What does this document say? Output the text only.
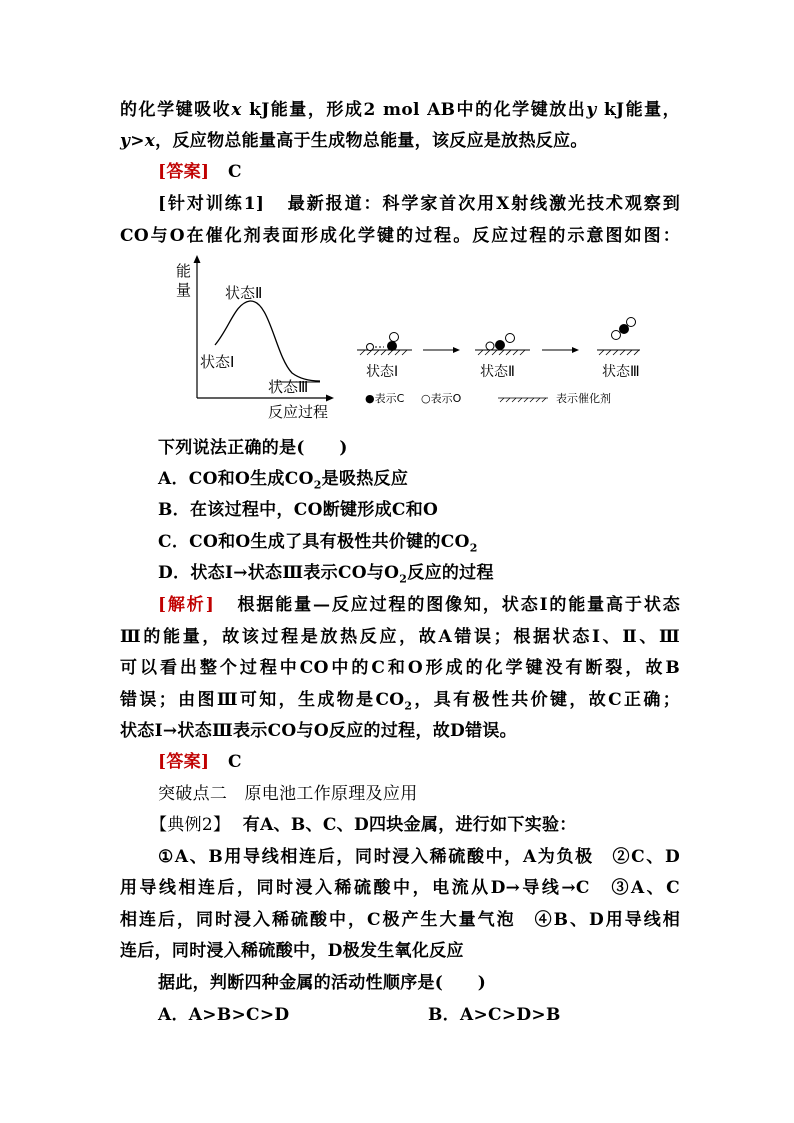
的化学键吸收x kJ能量，形成2 mol AB中的化学键放出y kJ能量，
y>x，反应物总能量高于生成物总能量，该反应是放热反应。
[答案] C
[针对训练1] 最新报道：科学家首次用X射线激光技术观察到
CO与O在催化剂表面形成化学键的过程。反应过程的示意图如图：
能
量
反应过程
状态Ⅰ
状态Ⅱ
状态Ⅲ
状态Ⅰ	状态Ⅱ	状态Ⅲ
●表示C ○表示O	表示催化剂
下列说法正确的是(　　)
A．CO和O生成$CO_2$是吸热反应
B．在该过程中，CO断键形成C和O
C．CO和O生成了具有极性共价键的$CO_2$
D．状态Ⅰ→状态Ⅲ表示CO与$O_2$反应的过程
[解析] 根据能量—反应过程的图像知，状态Ⅰ的能量高于状态
Ⅲ的能量，故该过程是放热反应，故A错误；根据状态Ⅰ、Ⅱ、Ⅲ
可以看出整个过程中CO中的C和O形成的化学键没有断裂，故B
错误；由图Ⅲ可知，生成物是$CO_2$，具有极性共价键，故C正确；
状态Ⅰ→状态Ⅲ表示CO与O反应的过程，故D错误。
[答案] C
突破点二　原电池工作原理及应用
【典例2】 有A、B、C、D四块金属，进行如下实验：
①A、B用导线相连后，同时浸入稀硫酸中，A为负极　②C、D
用导线相连后，同时浸入稀硫酸中，电流从D→导线→C　③A、C
相连后，同时浸入稀硫酸中，C极产生大量气泡　④B、D用导线相
连后，同时浸入稀硫酸中，D极发生氧化反应
据此，判断四种金属的活动性顺序是(　　)
A．A>B>C>D	B．A>C>D>B
